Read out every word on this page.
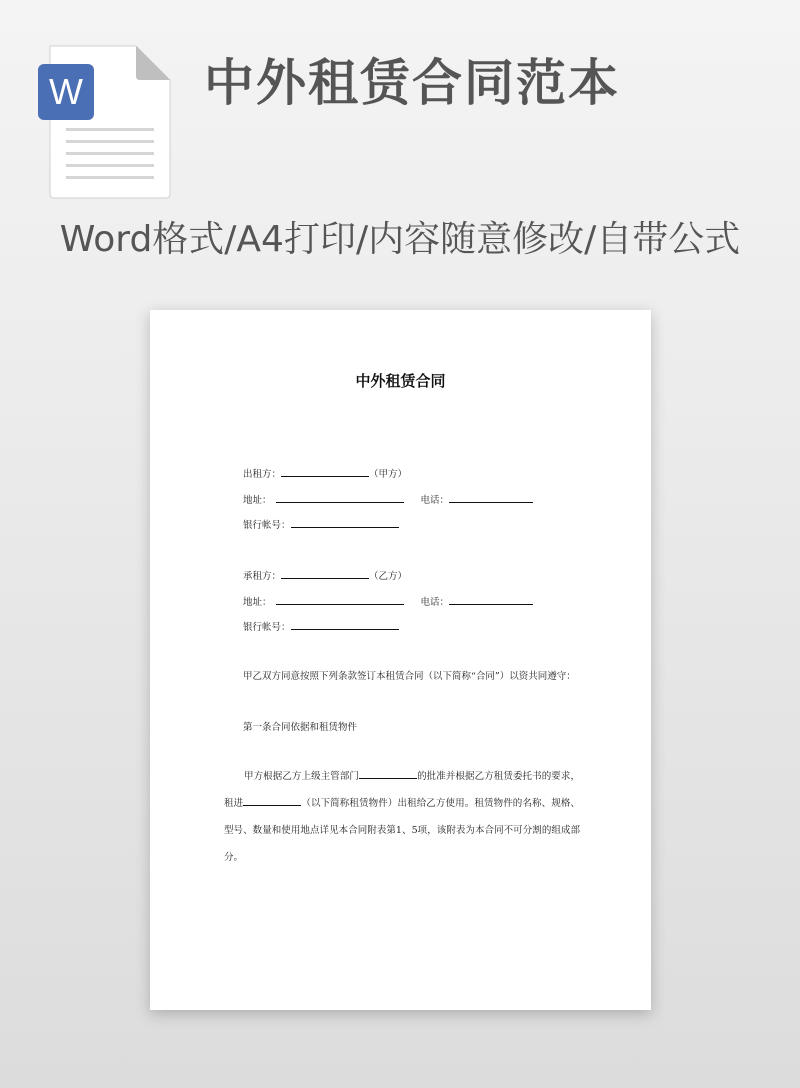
W 中外租赁合同范本
Word格式/A4打印/内容随意修改/自带公式
中外租赁合同
出租方：	（甲方）
地址：	电话：
银行帐号：
承租方：	（乙方）
地址：	电话：
银行帐号：
甲乙双方同意按照下列条款签订本租赁合同（以下简称“合同”）以资共同遵守：
第一条合同依据和租赁物件
甲方根据乙方上级主管部门	的批准并根据乙方租赁委托书的要求，租进	（以下简称租赁物件）出租给乙方使用。租赁物件的名称、规格、型号、数量和使用地点详见本合同附表第1、5项，该附表为本合同不可分割的组成部分。
